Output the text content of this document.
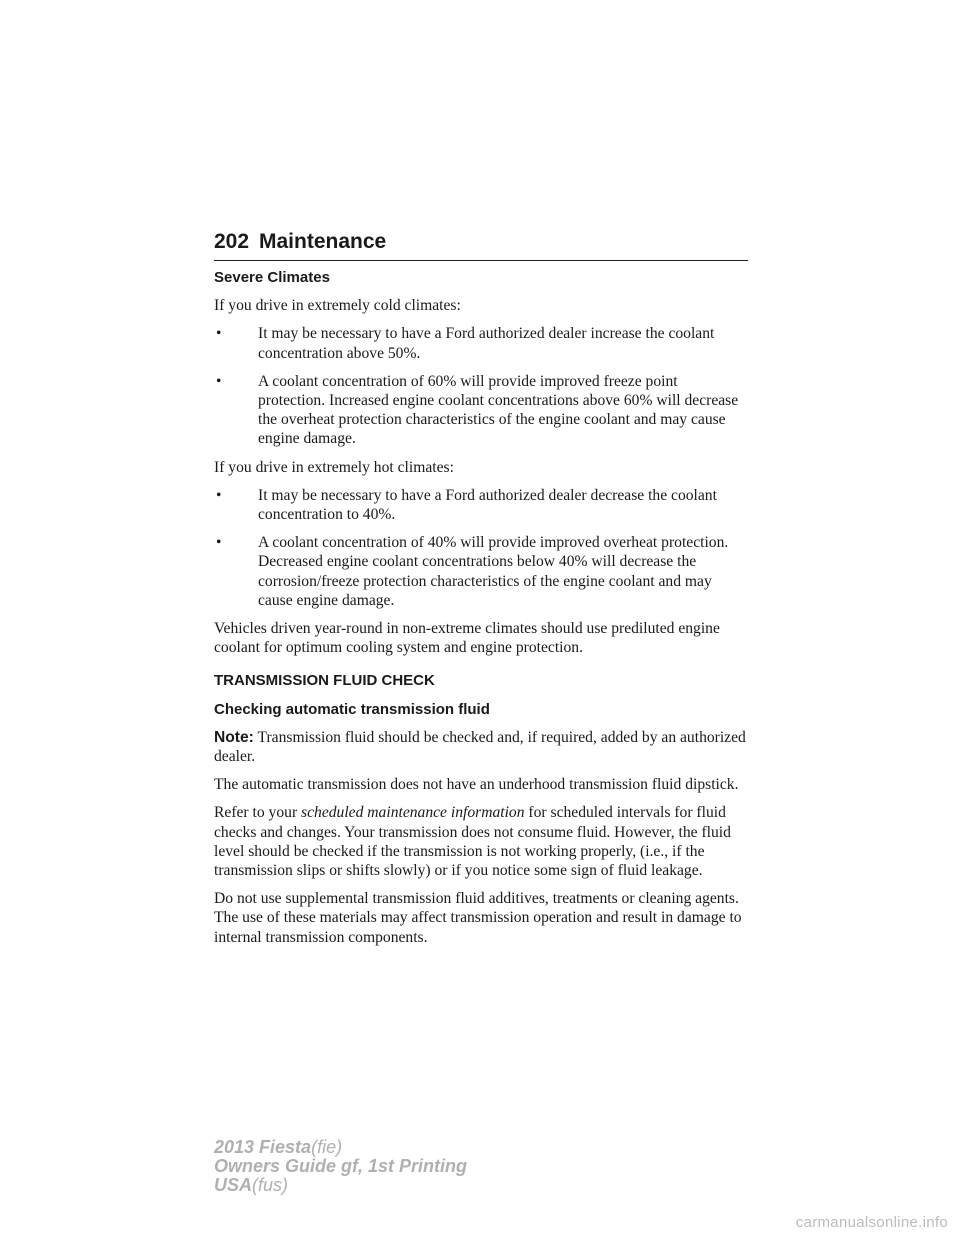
202 Maintenance
Severe Climates

If you drive in extremely cold climates:

• It may be necessary to have a Ford authorized dealer increase the coolant concentration above 50%.
• A coolant concentration of 60% will provide improved freeze point protection. Increased engine coolant concentrations above 60% will decrease the overheat protection characteristics of the engine coolant and may cause engine damage.

If you drive in extremely hot climates:

• It may be necessary to have a Ford authorized dealer decrease the coolant concentration to 40%.
• A coolant concentration of 40% will provide improved overheat protection. Decreased engine coolant concentrations below 40% will decrease the corrosion/freeze protection characteristics of the engine coolant and may cause engine damage.

Vehicles driven year-round in non-extreme climates should use prediluted engine coolant for optimum cooling system and engine protection.

TRANSMISSION FLUID CHECK
Checking automatic transmission fluid

Note: Transmission fluid should be checked and, if required, added by an authorized dealer.

The automatic transmission does not have an underhood transmission fluid dipstick.

Refer to your scheduled maintenance information for scheduled intervals for fluid checks and changes. Your transmission does not consume fluid. However, the fluid level should be checked if the transmission is not working properly, (i.e., if the transmission slips or shifts slowly) or if you notice some sign of fluid leakage.

Do not use supplemental transmission fluid additives, treatments or cleaning agents. The use of these materials may affect transmission operation and result in damage to internal transmission components.

2013 Fiesta(fie)
Owners Guide gf, 1st Printing
USA(fus)
carmanualsonline.info
